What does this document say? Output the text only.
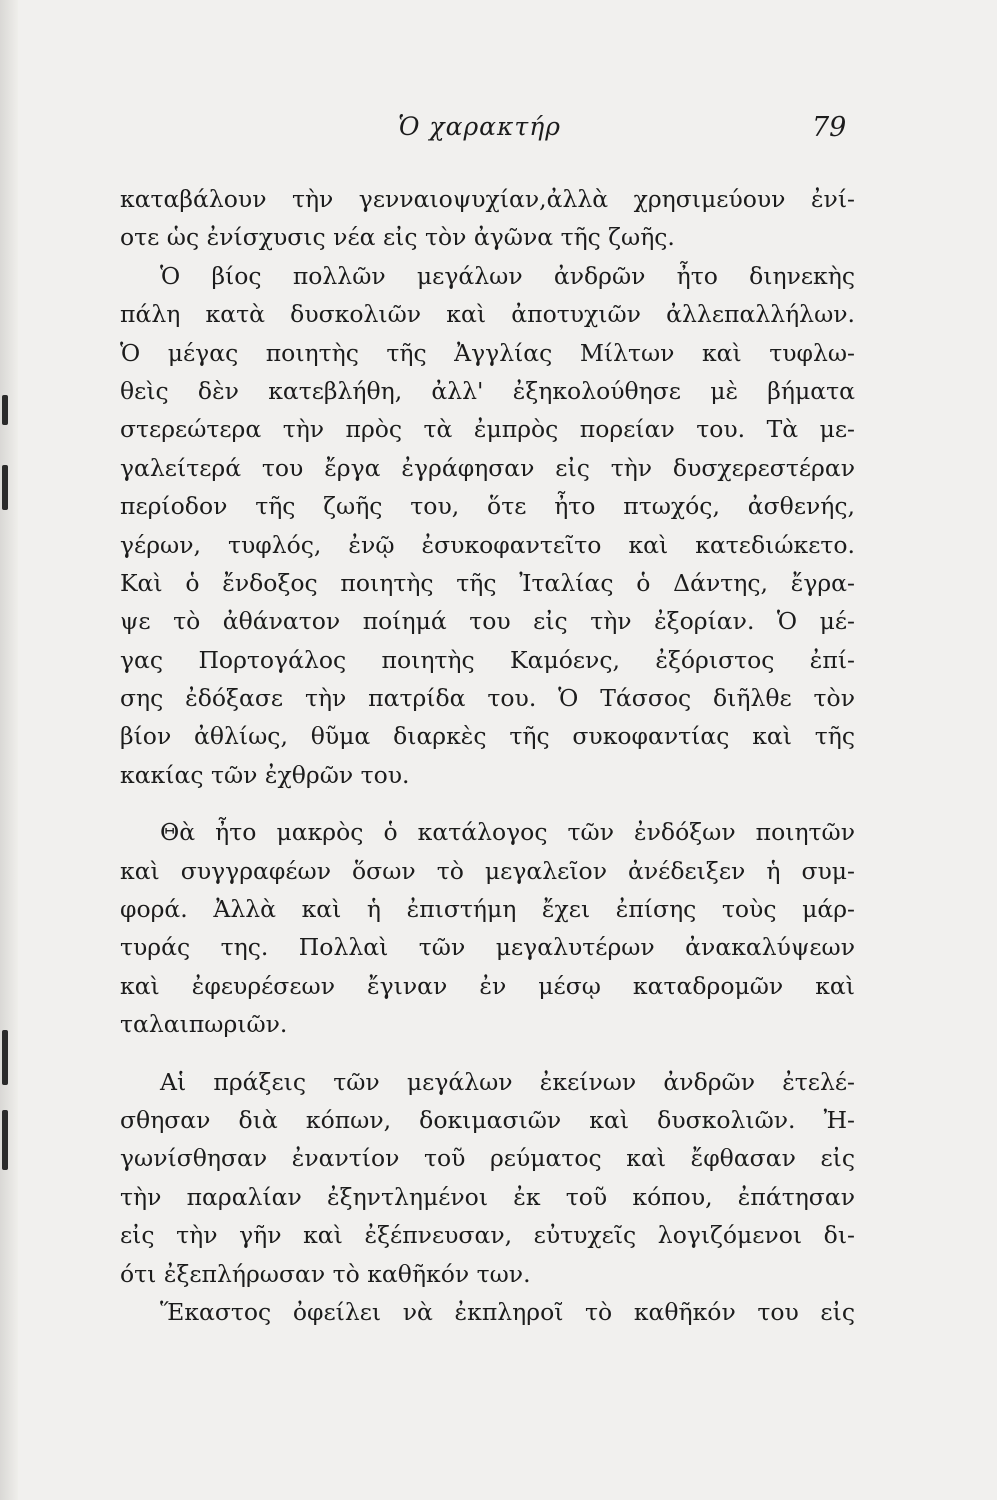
Ὁ χαρακτήρ	79
καταβάλουν τὴν γενναιοψυχίαν,ἀλλὰ χρησιμεύουν ἐνί-
οτε ὡς ἐνίσχυσις νέα εἰς τὸν ἀγῶνα τῆς ζωῆς.
Ὁ βίος πολλῶν μεγάλων ἀνδρῶν ἦτο διηνεκὴς
πάλη κατὰ δυσκολιῶν καὶ ἀποτυχιῶν ἀλλεπαλλήλων.
Ὁ μέγας ποιητὴς τῆς Ἀγγλίας Μίλτων καὶ τυφλω-
θεὶς δὲν κατεβλήθη, ἀλλ' ἐξηκολούθησε μὲ βήματα
στερεώτερα τὴν πρὸς τὰ ἐμπρὸς πορείαν του. Τὰ με-
γαλείτερά του ἔργα ἐγράφησαν εἰς τὴν δυσχερεστέραν
περίοδον τῆς ζωῆς του, ὅτε ἦτο πτωχός, ἀσθενής,
γέρων, τυφλός, ἐνῷ ἐσυκοφαντεῖτο καὶ κατεδιώκετο.
Καὶ ὁ ἔνδοξος ποιητὴς τῆς Ἰταλίας ὁ Δάντης, ἔγρα-
ψε τὸ ἀθάνατον ποίημά του εἰς τὴν ἐξορίαν. Ὁ μέ-
γας Πορτογάλος ποιητὴς Καμόενς, ἐξόριστος ἐπί-
σης ἐδόξασε τὴν πατρίδα του. Ὁ Τάσσος διῆλθε τὸν
βίον ἀθλίως, θῦμα διαρκὲς τῆς συκοφαντίας καὶ τῆς
κακίας τῶν ἐχθρῶν του.
Θὰ ἦτο μακρὸς ὁ κατάλογος τῶν ἐνδόξων ποιητῶν
καὶ συγγραφέων ὅσων τὸ μεγαλεῖον ἀνέδειξεν ἡ συμ-
φορά. Ἀλλὰ καὶ ἡ ἐπιστήμη ἔχει ἐπίσης τοὺς μάρ-
τυράς της. Πολλαὶ τῶν μεγαλυτέρων ἀνακαλύψεων
καὶ ἐφευρέσεων ἔγιναν ἐν μέσῳ καταδρομῶν καὶ
ταλαιπωριῶν.
Αἱ πράξεις τῶν μεγάλων ἐκείνων ἀνδρῶν ἐτελέ-
σθησαν διὰ κόπων, δοκιμασιῶν καὶ δυσκολιῶν. Ἠ-
γωνίσθησαν ἐναντίον τοῦ ρεύματος καὶ ἔφθασαν εἰς
τὴν παραλίαν ἐξηντλημένοι ἐκ τοῦ κόπου, ἐπάτησαν
εἰς τὴν γῆν καὶ ἐξέπνευσαν, εὐτυχεῖς λογιζόμενοι δι-
ότι ἐξεπλήρωσαν τὸ καθῆκόν των.
Ἕκαστος ὀφείλει νὰ ἐκπληροῖ τὸ καθῆκόν του εἰς
